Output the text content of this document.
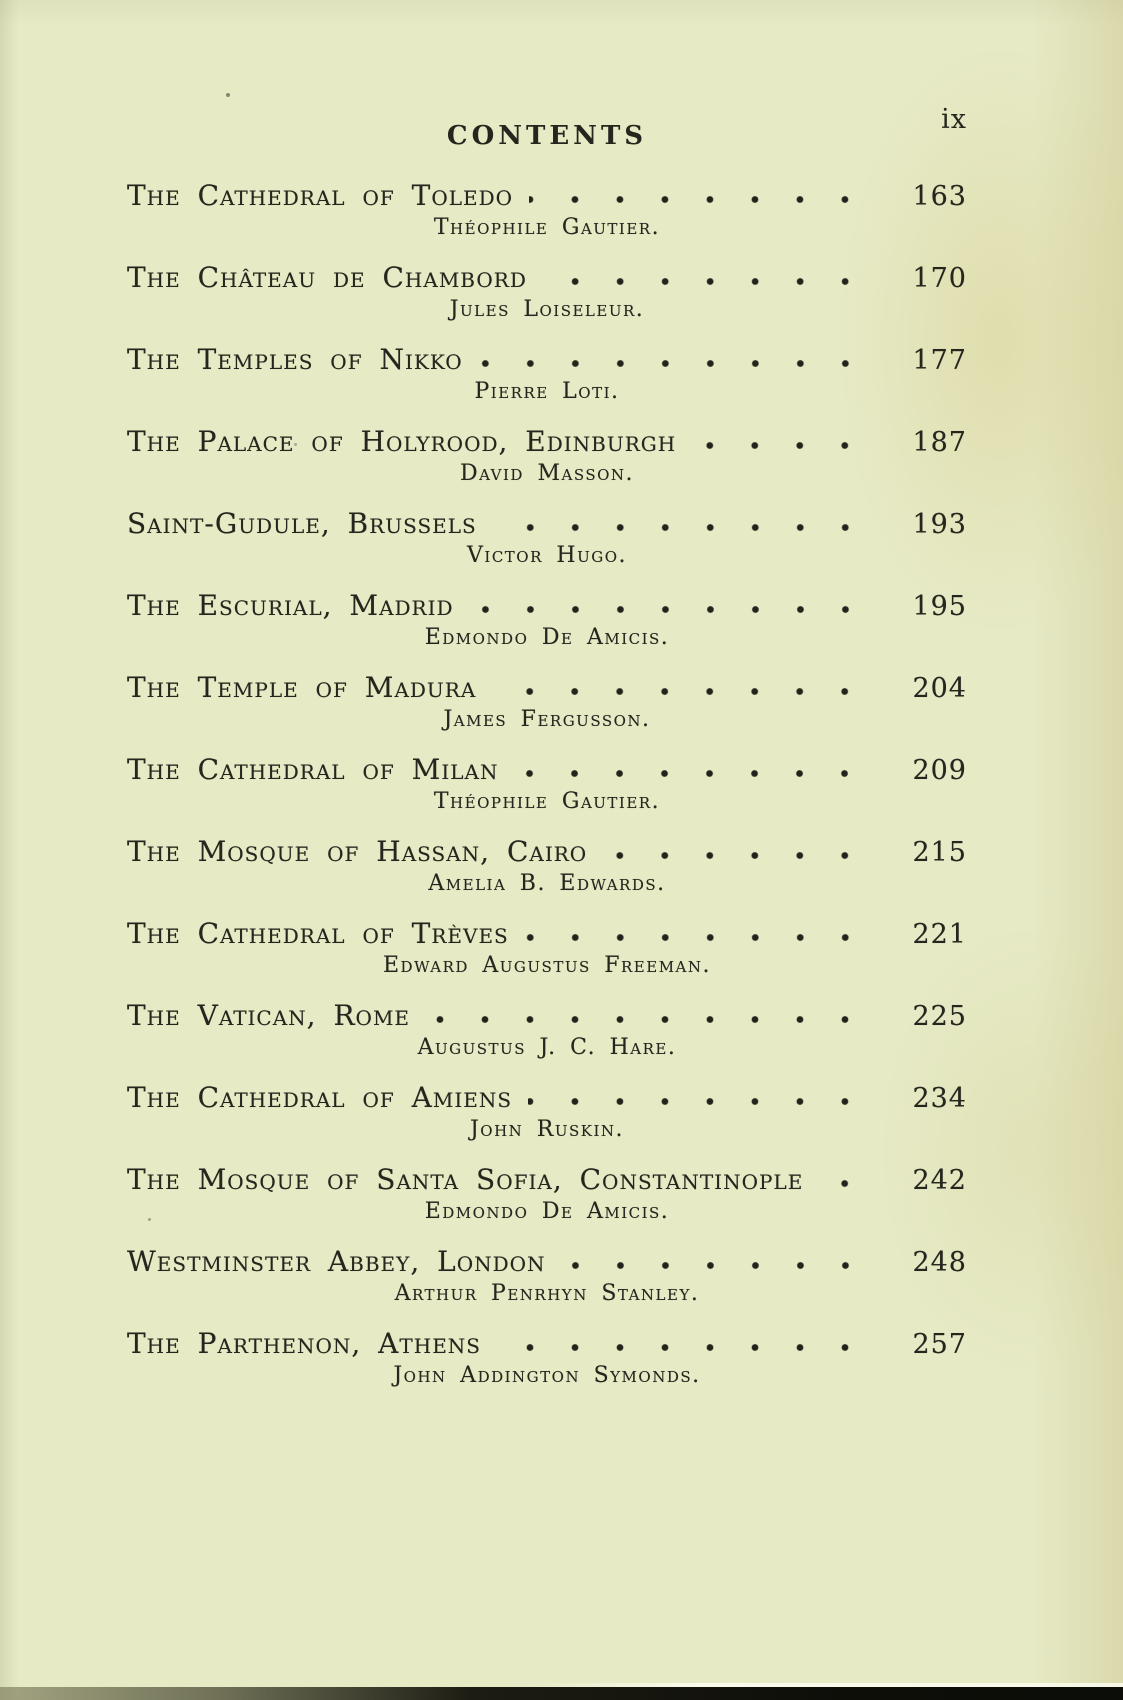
CONTENTS
ix
The Cathedral of Toledo	163
Théophile Gautier.
The Château de Chambord	170
Jules Loiseleur.
The Temples of Nikko	177
Pierre Loti.
The Palace of Holyrood, Edinburgh	187
David Masson.
Saint-Gudule, Brussels	193
Victor Hugo.
The Escurial, Madrid	195
Edmondo De Amicis.
The Temple of Madura	204
James Fergusson.
The Cathedral of Milan	209
Théophile Gautier.
The Mosque of Hassan, Cairo	215
Amelia B. Edwards.
The Cathedral of Trèves	221
Edward Augustus Freeman.
The Vatican, Rome	225
Augustus J. C. Hare.
The Cathedral of Amiens	234
John Ruskin.
The Mosque of Santa Sofia, Constantinople	242
Edmondo De Amicis.
Westminster Abbey, London	248
Arthur Penrhyn Stanley.
The Parthenon, Athens	257
John Addington Symonds.
